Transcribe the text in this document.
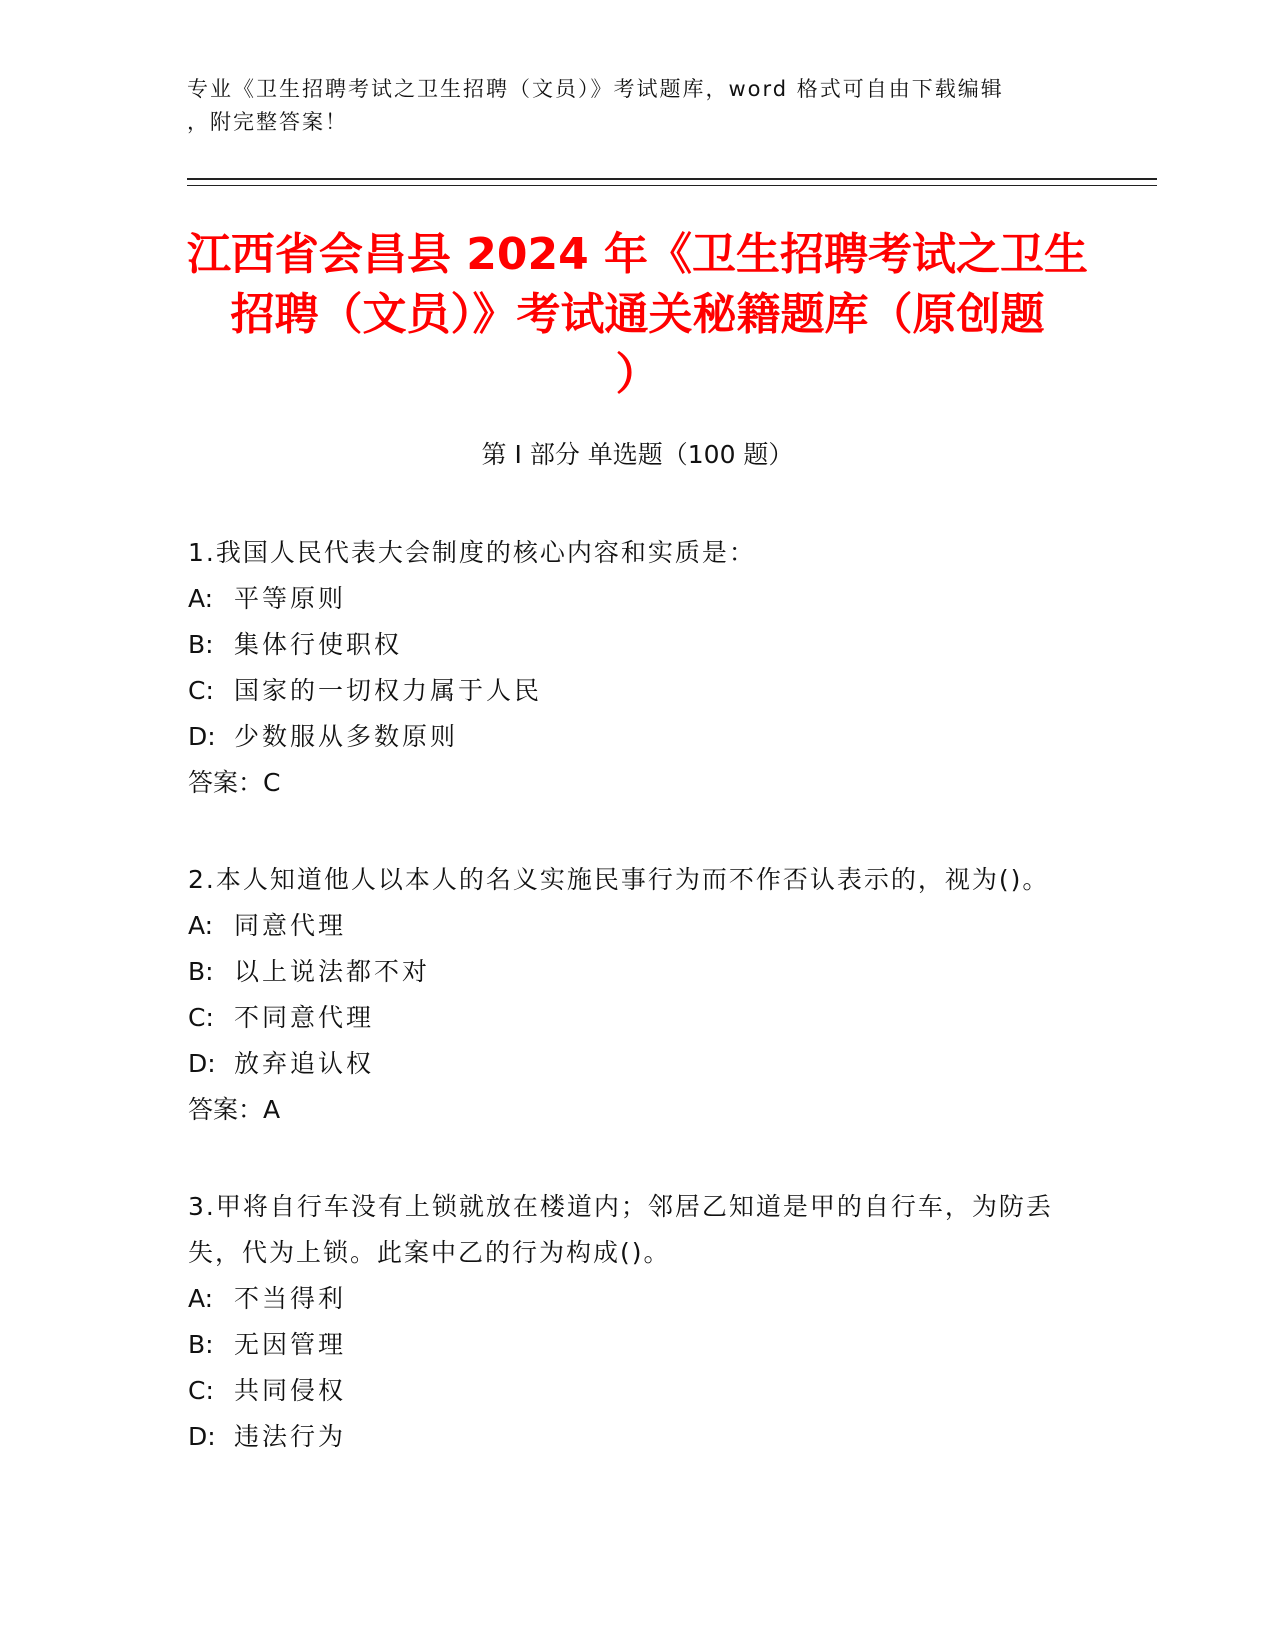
专业《卫生招聘考试之卫生招聘（文员）》考试题库，word 格式可自由下载编辑
，附完整答案！
江西省会昌县 2024 年《卫生招聘考试之卫生
招聘（文员）》考试通关秘籍题库（原创题
）
第 I 部分 单选题（100 题）
1.我国人民代表大会制度的核心内容和实质是：
A: 平等原则
B: 集体行使职权
C: 国家的一切权力属于人民
D: 少数服从多数原则
答案：C
2.本人知道他人以本人的名义实施民事行为而不作否认表示的，视为()。
A: 同意代理
B: 以上说法都不对
C: 不同意代理
D: 放弃追认权
答案：A
3.甲将自行车没有上锁就放在楼道内；邻居乙知道是甲的自行车，为防丢失，代为上锁。此案中乙的行为构成()。
A: 不当得利
B: 无因管理
C: 共同侵权
D: 违法行为
